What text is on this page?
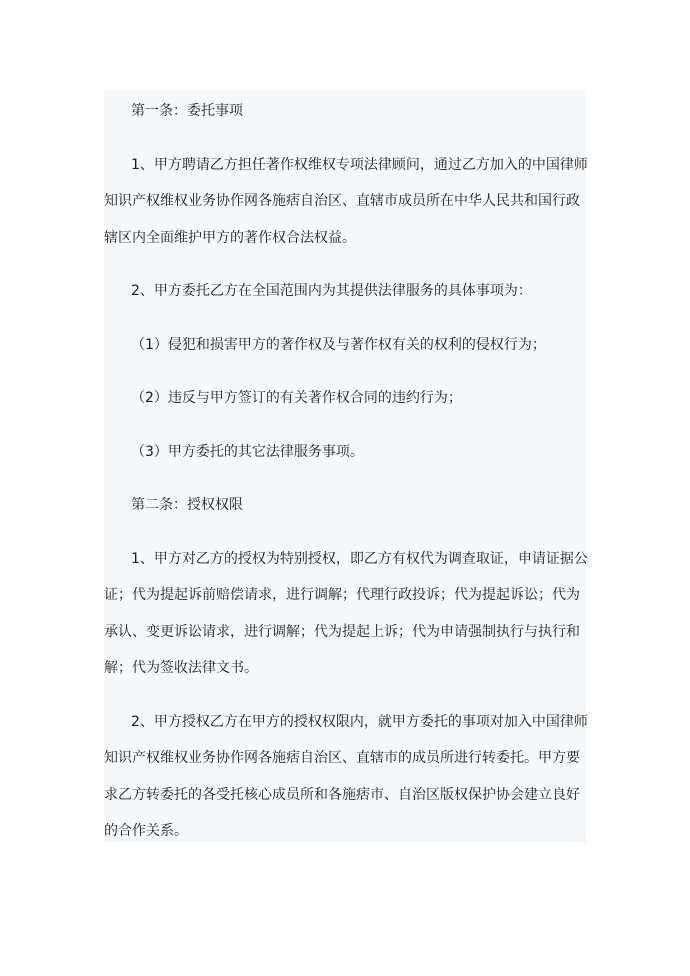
第一条：委托事项

1、甲方聘请乙方担任著作权维权专项法律顾问，通过乙方加入的中国律师
知识产权维权业务协作网各施痞自治区、直辖市成员所在中华人民共和国行政
辖区内全面维护甲方的著作权合法权益。

2、甲方委托乙方在全国范围内为其提供法律服务的具体事项为：

（1）侵犯和损害甲方的著作权及与著作权有关的权利的侵权行为；

（2）违反与甲方签订的有关著作权合同的违约行为；

（3）甲方委托的其它法律服务事项。

第二条：授权权限

1、甲方对乙方的授权为特别授权，即乙方有权代为调查取证，申请证据公
证；代为提起诉前赔偿请求，进行调解；代理行政投诉；代为提起诉讼；代为
承认、变更诉讼请求，进行调解；代为提起上诉；代为申请强制执行与执行和
解；代为签收法律文书。

2、甲方授权乙方在甲方的授权权限内，就甲方委托的事项对加入中国律师
知识产权维权业务协作网各施痞自治区、直辖市的成员所进行转委托。甲方要
求乙方转委托的各受托核心成员所和各施痞市、自治区版权保护协会建立良好
的合作关系。
